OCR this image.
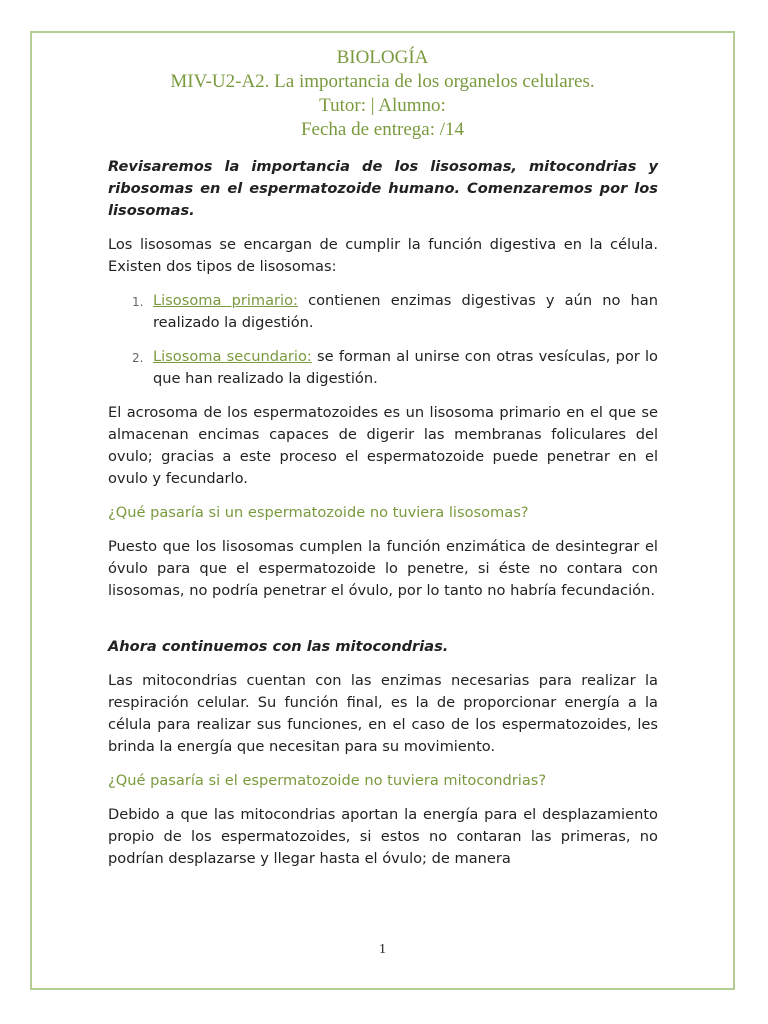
BIOLOGÍA
MIV-U2-A2. La importancia de los organelos celulares.
Tutor: | Alumno:
Fecha de entrega: /14

Revisaremos la importancia de los lisosomas, mitocondrias y ribosomas en el espermatozoide humano. Comenzaremos por los lisosomas.

Los lisosomas se encargan de cumplir la función digestiva en la célula. Existen dos tipos de lisosomas:

1. Lisosoma primario: contienen enzimas digestivas y aún no han realizado la digestión.
2. Lisosoma secundario: se forman al unirse con otras vesículas, por lo que han realizado la digestión.

El acrosoma de los espermatozoides es un lisosoma primario en el que se almacenan encimas capaces de digerir las membranas foliculares del ovulo; gracias a este proceso el espermatozoide puede penetrar en el ovulo y fecundarlo.

¿Qué pasaría si un espermatozoide no tuviera lisosomas?

Puesto que los lisosomas cumplen la función enzimática de desintegrar el óvulo para que el espermatozoide lo penetre, si éste no contara con lisosomas, no podría penetrar el óvulo, por lo tanto no habría fecundación.

Ahora continuemos con las mitocondrias.

Las mitocondrias cuentan con las enzimas necesarias para realizar la respiración celular. Su función final, es la de proporcionar energía a la célula para realizar sus funciones, en el caso de los espermatozoides, les brinda la energía que necesitan para su movimiento.

¿Qué pasaría si el espermatozoide no tuviera mitocondrias?

Debido a que las mitocondrias aportan la energía para el desplazamiento propio de los espermatozoides, si estos no contaran las primeras, no podrían desplazarse y llegar hasta el óvulo; de manera

1
